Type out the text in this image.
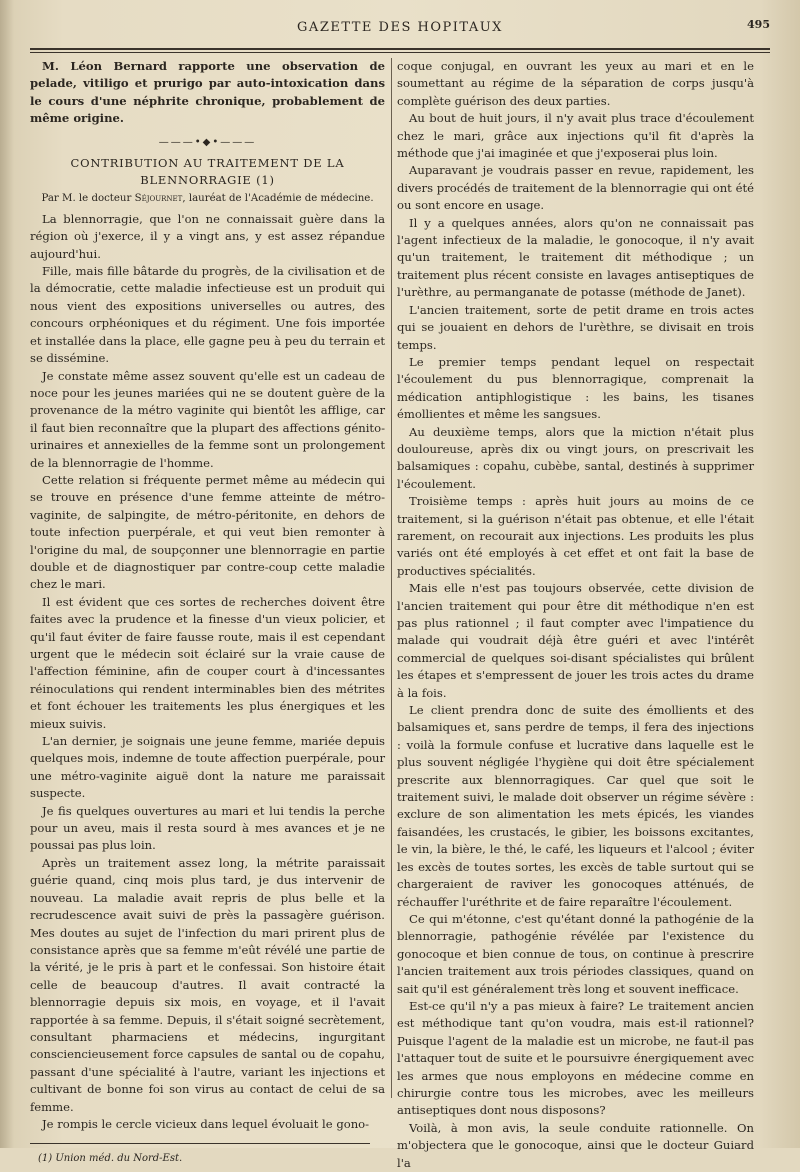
GAZETTE DES HOPITAUX	495

M. Léon Bernard rapporte une observation de pelade, vitiligo et prurigo par auto-intoxication dans le cours d'une néphrite chronique, probablement de même origine.

———•◆•———
CONTRIBUTION AU TRAITEMENT DE LA BLENNORRAGIE (1)
Par M. le docteur Séjournet, lauréat de l'Académie de médecine.

La blennorragie, que l'on ne connaissait guère dans la région où j'exerce, il y a vingt ans, y est assez répandue aujourd'hui.

Fille, mais fille bâtarde du progrès, de la civilisation et de la démocratie, cette maladie infectieuse est un produit qui nous vient des expositions universelles ou autres, des concours orphéoniques et du régiment. Une fois importée et installée dans la place, elle gagne peu à peu du terrain et se dissémine.

Je constate même assez souvent qu'elle est un cadeau de noce pour les jeunes mariées qui ne se doutent guère de la provenance de la métro vaginite qui bientôt les afflige, car il faut bien reconnaître que la plupart des affections génito-urinaires et annexielles de la femme sont un prolongement de la blennorragie de l'homme.

Cette relation si fréquente permet même au médecin qui se trouve en présence d'une femme atteinte de métro-vaginite, de salpingite, de métro-péritonite, en dehors de toute infection puerpérale, et qui veut bien remonter à l'origine du mal, de soupçonner une blennorragie en partie double et de diagnostiquer par contre-coup cette maladie chez le mari.

Il est évident que ces sortes de recherches doivent être faites avec la prudence et la finesse d'un vieux policier, et qu'il faut éviter de faire fausse route, mais il est cependant urgent que le médecin soit éclairé sur la vraie cause de l'affection féminine, afin de couper court à d'incessantes réinoculations qui rendent interminables bien des métrites et font échouer les traitements les plus énergiques et les mieux suivis.

L'an dernier, je soignais une jeune femme, mariée depuis quelques mois, indemne de toute affection puerpérale, pour une métro-vaginite aiguë dont la nature me paraissait suspecte.

Je fis quelques ouvertures au mari et lui tendis la perche pour un aveu, mais il resta sourd à mes avances et je ne poussai pas plus loin.

Après un traitement assez long, la métrite paraissait guérie quand, cinq mois plus tard, je dus intervenir de nouveau. La maladie avait repris de plus belle et la recrudescence avait suivi de près la passagère guérison. Mes doutes au sujet de l'infection du mari prirent plus de consistance après que sa femme m'eût révélé une partie de la vérité, je le pris à part et le confessai. Son histoire était celle de beaucoup d'autres. Il avait contracté la blennorragie depuis six mois, en voyage, et il l'avait rapportée à sa femme. Depuis, il s'était soigné secrètement, consultant pharmaciens et médecins, ingurgitant consciencieusement force capsules de santal ou de copahu, passant d'une spécialité à l'autre, variant les injections et cultivant de bonne foi son virus au contact de celui de sa femme.

Je rompis le cercle vicieux dans lequel évoluait le gono-

(1) Union méd. du Nord-Est.

coque conjugal, en ouvrant les yeux au mari et en le soumettant au régime de la séparation de corps jusqu'à complète guérison des deux parties.

Au bout de huit jours, il n'y avait plus trace d'écoulement chez le mari, grâce aux injections qu'il fit d'après la méthode que j'ai imaginée et que j'exposerai plus loin.

Auparavant je voudrais passer en revue, rapidement, les divers procédés de traitement de la blennorragie qui ont été ou sont encore en usage.

Il y a quelques années, alors qu'on ne connaissait pas l'agent infectieux de la maladie, le gonocoque, il n'y avait qu'un traitement, le traitement dit méthodique ; un traitement plus récent consiste en lavages antiseptiques de l'urèthre, au permanganate de potasse (méthode de Janet).

L'ancien traitement, sorte de petit drame en trois actes qui se jouaient en dehors de l'urèthre, se divisait en trois temps.

Le premier temps pendant lequel on respectait l'écoulement du pus blennorragique, comprenait la médication antiphlogistique : les bains, les tisanes émollientes et même les sangsues.

Au deuxième temps, alors que la miction n'était plus douloureuse, après dix ou vingt jours, on prescrivait les balsamiques : copahu, cubèbe, santal, destinés à supprimer l'écoulement.

Troisième temps : après huit jours au moins de ce traitement, si la guérison n'était pas obtenue, et elle l'était rarement, on recourait aux injections. Les produits les plus variés ont été employés à cet effet et ont fait la base de productives spécialités.

Mais elle n'est pas toujours observée, cette division de l'ancien traitement qui pour être dit méthodique n'en est pas plus rationnel ; il faut compter avec l'impatience du malade qui voudrait déjà être guéri et avec l'intérêt commercial de quelques soi-disant spécialistes qui brûlent les étapes et s'empressent de jouer les trois actes du drame à la fois.

Le client prendra donc de suite des émollients et des balsamiques et, sans perdre de temps, il fera des injections : voilà la formule confuse et lucrative dans laquelle est le plus souvent négligée l'hygiène qui doit être spécialement prescrite aux blennorragiques. Car quel que soit le traitement suivi, le malade doit observer un régime sévère : exclure de son alimentation les mets épicés, les viandes faisandées, les crustacés, le gibier, les boissons excitantes, le vin, la bière, le thé, le café, les liqueurs et l'alcool ; éviter les excès de toutes sortes, les excès de table surtout qui se chargeraient de raviver les gonocoques atténués, de réchauffer l'uréthrite et de faire reparaître l'écoulement.

Ce qui m'étonne, c'est qu'étant donné la pathogénie de la blennorragie, pathogénie révélée par l'existence du gonocoque et bien connue de tous, on continue à prescrire l'ancien traitement aux trois périodes classiques, quand on sait qu'il est généralement très long et souvent inefficace.

Est-ce qu'il n'y a pas mieux à faire? Le traitement ancien est méthodique tant qu'on voudra, mais est-il rationnel? Puisque l'agent de la maladie est un microbe, ne faut-il pas l'attaquer tout de suite et le poursuivre énergiquement avec les armes que nous employons en médecine comme en chirurgie contre tous les microbes, avec les meilleurs antiseptiques dont nous disposons?

Voilà, à mon avis, la seule conduite rationnelle. On m'objectera que le gonocoque, ainsi que le docteur Guiard l'a
